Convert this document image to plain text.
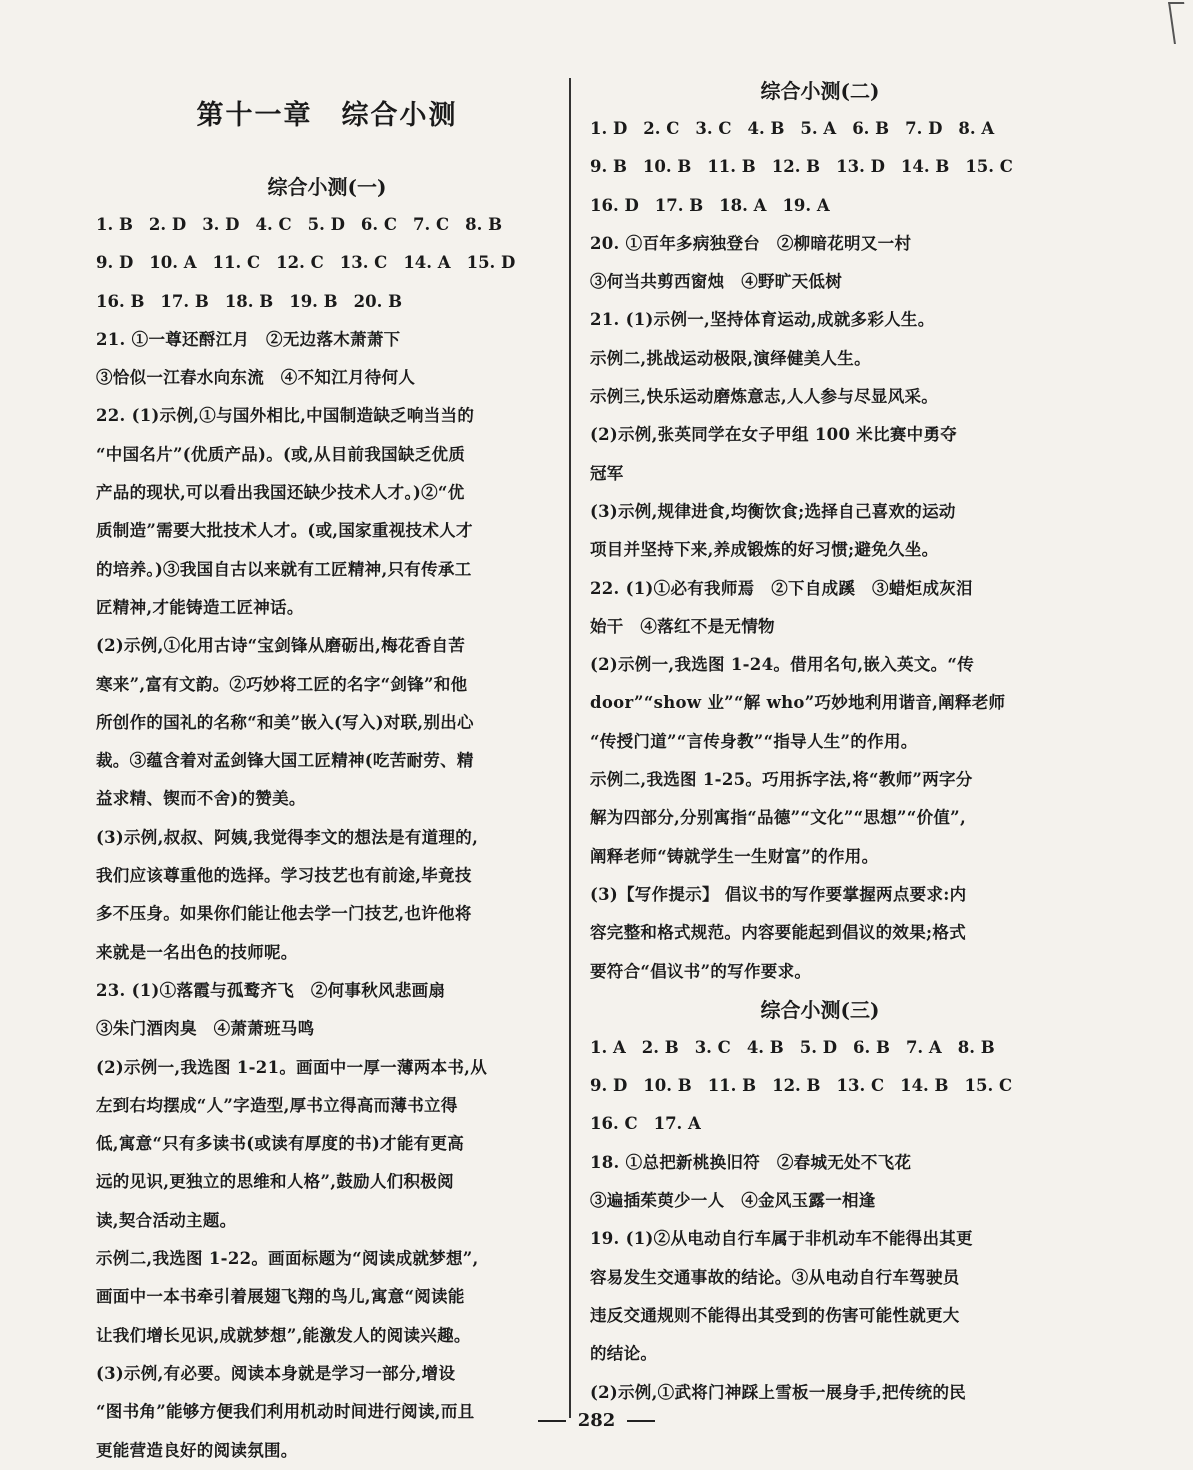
第十一章　综合小测
综合小测(一)
1. B 2. D 3. D 4. C 5. D 6. C 7. C 8. B
9. D 10. A 11. C 12. C 13. C 14. A 15. D
16. B 17. B 18. B 19. B 20. B
21. ①一尊还酹江月　②无边落木萧萧下
③恰似一江春水向东流　④不知江月待何人
22. (1)示例,①与国外相比,中国制造缺乏响当当的
“中国名片”(优质产品)。(或,从目前我国缺乏优质
产品的现状,可以看出我国还缺少技术人才。)②“优
质制造”需要大批技术人才。(或,国家重视技术人才
的培养。)③我国自古以来就有工匠精神,只有传承工
匠精神,才能铸造工匠神话。
(2)示例,①化用古诗“宝剑锋从磨砺出,梅花香自苦
寒来”,富有文韵。②巧妙将工匠的名字“剑锋”和他
所创作的国礼的名称“和美”嵌入(写入)对联,别出心
裁。③蕴含着对孟剑锋大国工匠精神(吃苦耐劳、精
益求精、锲而不舍)的赞美。
(3)示例,叔叔、阿姨,我觉得李文的想法是有道理的,
我们应该尊重他的选择。学习技艺也有前途,毕竟技
多不压身。如果你们能让他去学一门技艺,也许他将
来就是一名出色的技师呢。
23. (1)①落霞与孤鹜齐飞　②何事秋风悲画扇
③朱门酒肉臭　④萧萧班马鸣
(2)示例一,我选图 1-21。画面中一厚一薄两本书,从
左到右均摆成“人”字造型,厚书立得高而薄书立得
低,寓意“只有多读书(或读有厚度的书)才能有更高
远的见识,更独立的思维和人格”,鼓励人们积极阅
读,契合活动主题。
示例二,我选图 1-22。画面标题为“阅读成就梦想”,
画面中一本书牵引着展翅飞翔的鸟儿,寓意“阅读能
让我们增长见识,成就梦想”,能激发人的阅读兴趣。
(3)示例,有必要。阅读本身就是学习一部分,增设
“图书角”能够方便我们利用机动时间进行阅读,而且
更能营造良好的阅读氛围。
综合小测(二)
1. D 2. C 3. C 4. B 5. A 6. B 7. D 8. A
9. B 10. B 11. B 12. B 13. D 14. B 15. C
16. D 17. B 18. A 19. A
20. ①百年多病独登台　②柳暗花明又一村
③何当共剪西窗烛　④野旷天低树
21. (1)示例一,坚持体育运动,成就多彩人生。
示例二,挑战运动极限,演绎健美人生。
示例三,快乐运动磨炼意志,人人参与尽显风采。
(2)示例,张英同学在女子甲组 100 米比赛中勇夺
冠军
(3)示例,规律进食,均衡饮食;选择自己喜欢的运动
项目并坚持下来,养成锻炼的好习惯;避免久坐。
22. (1)①必有我师焉　②下自成蹊　③蜡炬成灰泪
始干　④落红不是无情物
(2)示例一,我选图 1-24。借用名句,嵌入英文。“传
door”“show 业”“解 who”巧妙地利用谐音,阐释老师
“传授门道”“言传身教”“指导人生”的作用。
示例二,我选图 1-25。巧用拆字法,将“教师”两字分
解为四部分,分别寓指“品德”“文化”“思想”“价值”,
阐释老师“铸就学生一生财富”的作用。
(3)【写作提示】 倡议书的写作要掌握两点要求:内
容完整和格式规范。内容要能起到倡议的效果;格式
要符合“倡议书”的写作要求。
综合小测(三)
1. A 2. B 3. C 4. B 5. D 6. B 7. A 8. B
9. D 10. B 11. B 12. B 13. C 14. B 15. C
16. C 17. A
18. ①总把新桃换旧符　②春城无处不飞花
③遍插茱萸少一人　④金风玉露一相逢
19. (1)②从电动自行车属于非机动车不能得出其更
容易发生交通事故的结论。③从电动自行车驾驶员
违反交通规则不能得出其受到的伤害可能性就更大
的结论。
(2)示例,①武将门神踩上雪板一展身手,把传统的民
282
